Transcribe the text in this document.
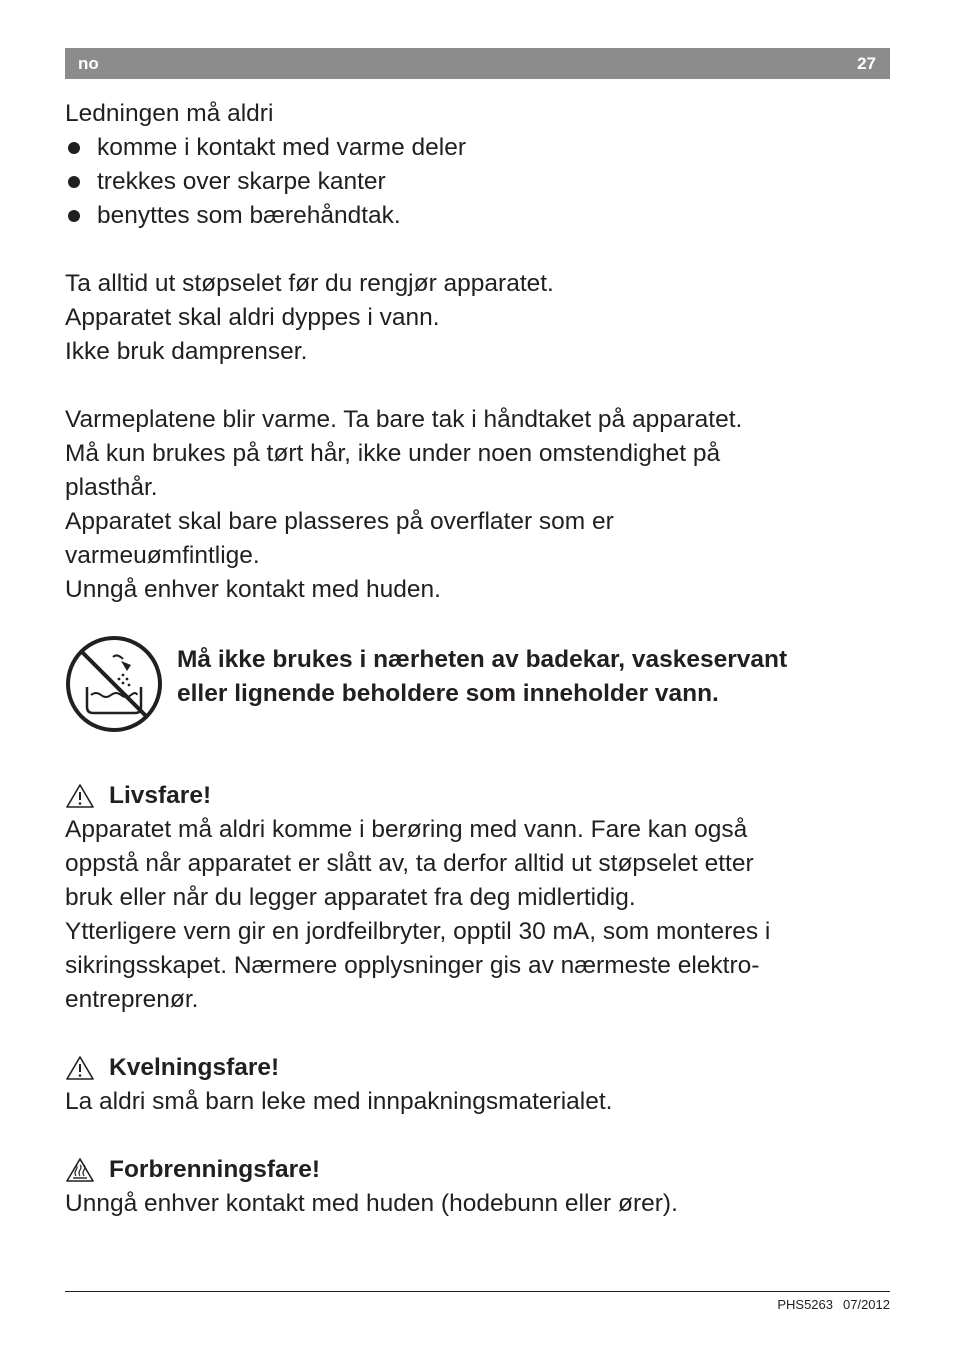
no	27

Ledningen må aldri

komme i kontakt med varme deler
trekkes over skarpe kanter
benyttes som bærehåndtak.

Ta alltid ut støpselet før du rengjør apparatet.

Apparatet skal aldri dyppes i vann.

Ikke bruk damprenser.

Varmeplatene blir varme. Ta bare tak i håndtaket på apparatet.

Må kun brukes på tørt hår, ikke under noen omstendighet på

plasthår.

Apparatet skal bare plasseres på overflater som er

varmeuømfintlige.

Unngå enhver kontakt med huden.

Må ikke brukes i nærheten av badekar, vaskeservant
eller lignende beholdere som inneholder vann.
Livsfare!

Apparatet må aldri komme i berøring med vann. Fare kan også

oppstå når apparatet er slått av, ta derfor alltid ut støpselet etter

bruk eller når du legger apparatet fra deg midlertidig.

Ytterligere vern gir en jordfeilbryter, opptil 30 mA, som monteres i

sikringsskapet. Nærmere opplysninger gis av nærmeste elektro-

entreprenør.

Kvelningsfare!

La aldri små barn leke med innpakningsmaterialet.

Forbrenningsfare!

Unngå enhver kontakt med huden (hodebunn eller ører).

PHS5263 07/2012
